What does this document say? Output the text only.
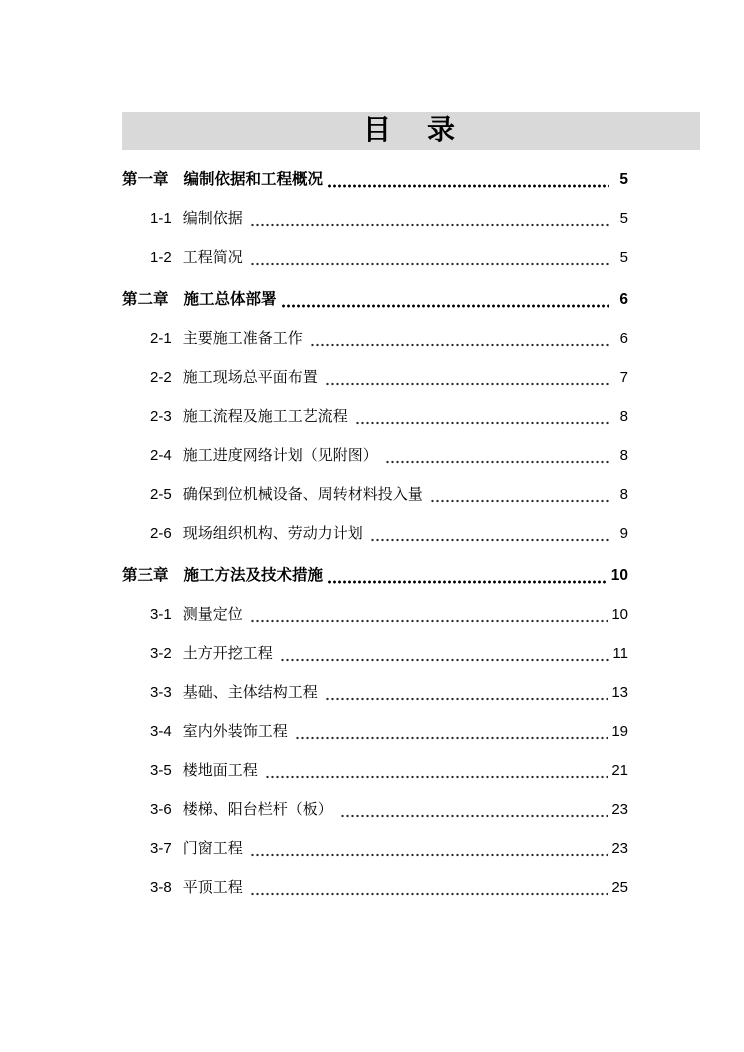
目　录
第一章 编制依据和工程概况	5
1-1 编制依据	5
1-2 工程简况	5
第二章 施工总体部署	6
2-1 主要施工准备工作	6
2-2 施工现场总平面布置	7
2-3 施工流程及施工工艺流程	8
2-4 施工进度网络计划（见附图）	8
2-5 确保到位机械设备、周转材料投入量	8
2-6 现场组织机构、劳动力计划	9
第三章 施工方法及技术措施	10
3-1 测量定位	10
3-2 土方开挖工程	11
3-3 基础、主体结构工程	13
3-4 室内外装饰工程	19
3-5 楼地面工程	21
3-6 楼梯、阳台栏杆（板）	23
3-7 门窗工程	23
3-8 平顶工程	25
